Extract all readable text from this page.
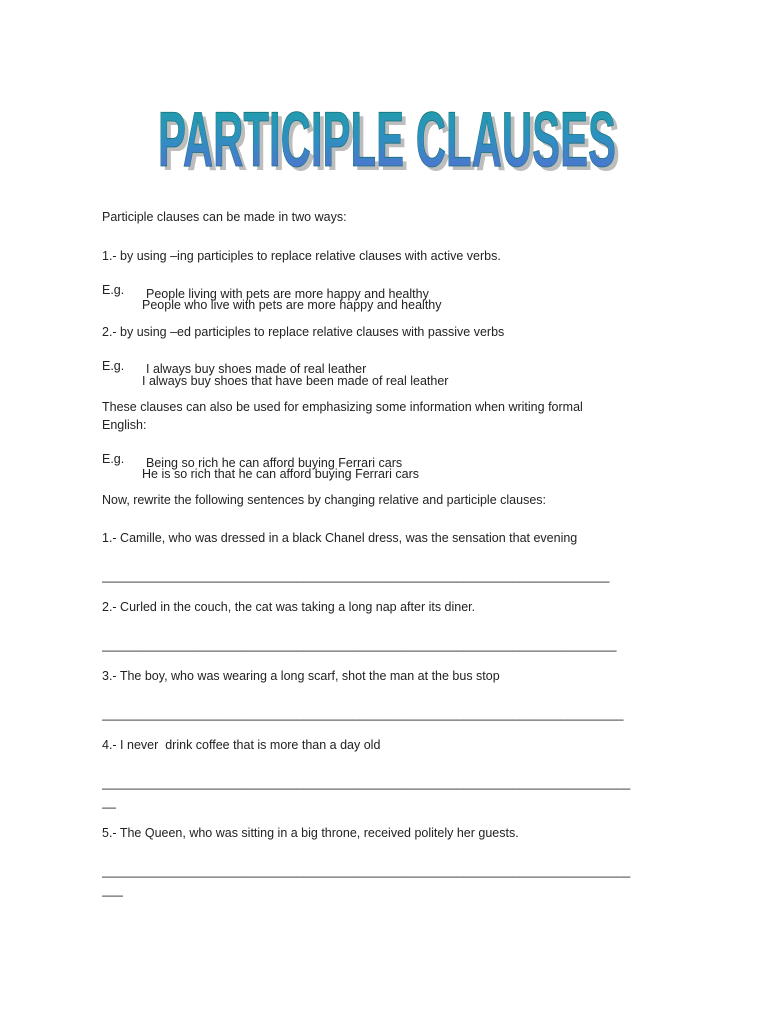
PARTICIPLE CLAUSES
PARTICIPLE CLAUSES
Participle clauses can be made in two ways:
1.- by using –ing participles to replace relative clauses with active verbs.

E.g.

People who live with pets are more happy and healthy

People living with pets are more happy and healthy
2.- by using –ed participles to replace relative clauses with passive verbs

E.g.

I always buy shoes that have been made of real leather

I always buy shoes made of real leather
These clauses can also be used for emphasizing some information when writing formal
English:

E.g.

He is so rich that he can afford buying Ferrari cars

Being so rich he can afford buying Ferrari cars
Now, rewrite the following sentences by changing relative and participle clauses:
1.- Camille, who was dressed in a black Chanel dress, was the sensation that evening
_________________________________________________________________________
2.- Curled in the couch, the cat was taking a long nap after its diner.
__________________________________________________________________________
3.- The boy, who was wearing a long scarf, shot the man at the bus stop
___________________________________________________________________________
4.- I never  drink coffee that is more than a day old
____________________________________________________________________________
__
5.- The Queen, who was sitting in a big throne, received politely her guests.
____________________________________________________________________________
___
